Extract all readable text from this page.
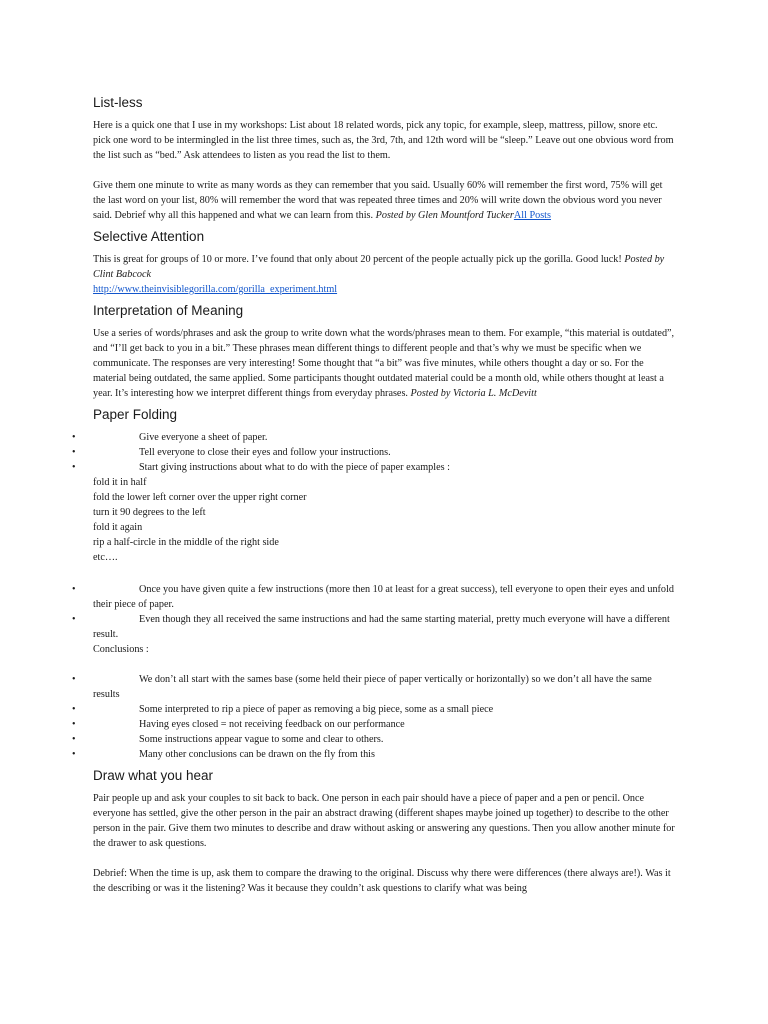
List-less

Here is a quick one that I use in my workshops: List about 18 related words, pick any topic, for example, sleep, mattress, pillow, snore etc. pick one word to be intermingled in the list three times, such as, the 3rd, 7th, and 12th word will be “sleep.” Leave out one obvious word from the list such as “bed.” Ask attendees to listen as you read the list to them.

Give them one minute to write as many words as they can remember that you said. Usually 60% will remember the first word, 75% will get the last word on your list, 80% will remember the word that was repeated three times and 20% will write down the obvious word you never said. Debrief why all this happened and what we can learn from this. Posted by Glen Mountford TuckerAll Posts

Selective Attention

This is great for groups of 10 or more. I’ve found that only about 20 percent of the people actually pick up the gorilla. Good luck! Posted by Clint Babcock
http://www.theinvisiblegorilla.com/gorilla_experiment.html

Interpretation of Meaning

Use a series of words/phrases and ask the group to write down what the words/phrases mean to them. For example, “this material is outdated”, and “I’ll get back to you in a bit.” These phrases mean different things to different people and that’s why we must be specific when we communicate. The responses are very interesting! Some thought that “a bit” was five minutes, while others thought a day or so. For the material being outdated, the same applied. Some participants thought outdated material could be a month old, while others thought at least a year. It’s interesting how we interpret different things from everyday phrases. Posted by Victoria L. McDevitt

Paper Folding
• Give everyone a sheet of paper.
• Tell everyone to close their eyes and follow your instructions.
• Start giving instructions about what to do with the piece of paper examples :
fold it in half
fold the lower left corner over the upper right corner
turn it 90 degrees to the left
fold it again
rip a half-circle in the middle of the right side
etc….
• Once you have given quite a few instructions (more then 10 at least for a great success), tell everyone to open their eyes and unfold their piece of paper.
• Even though they all received the same instructions and had the same starting material, pretty much everyone will have a different result.
Conclusions :
• We don’t all start with the sames base (some held their piece of paper vertically or horizontally) so we don’t all have the same results
• Some interpreted to rip a piece of paper as removing a big piece, some as a small piece
• Having eyes closed = not receiving feedback on our performance
• Some instructions appear vague to some and clear to others.
• Many other conclusions can be drawn on the fly from this
Draw what you hear

Pair people up and ask your couples to sit back to back. One person in each pair should have a piece of paper and a pen or pencil. Once everyone has settled, give the other person in the pair an abstract drawing (different shapes maybe joined up together) to describe to the other person in the pair. Give them two minutes to describe and draw without asking or answering any questions. Then you allow another minute for the drawer to ask questions.

Debrief: When the time is up, ask them to compare the drawing to the original. Discuss why there were differences (there always are!). Was it the describing or was it the listening? Was it because they couldn’t ask questions to clarify what was being
